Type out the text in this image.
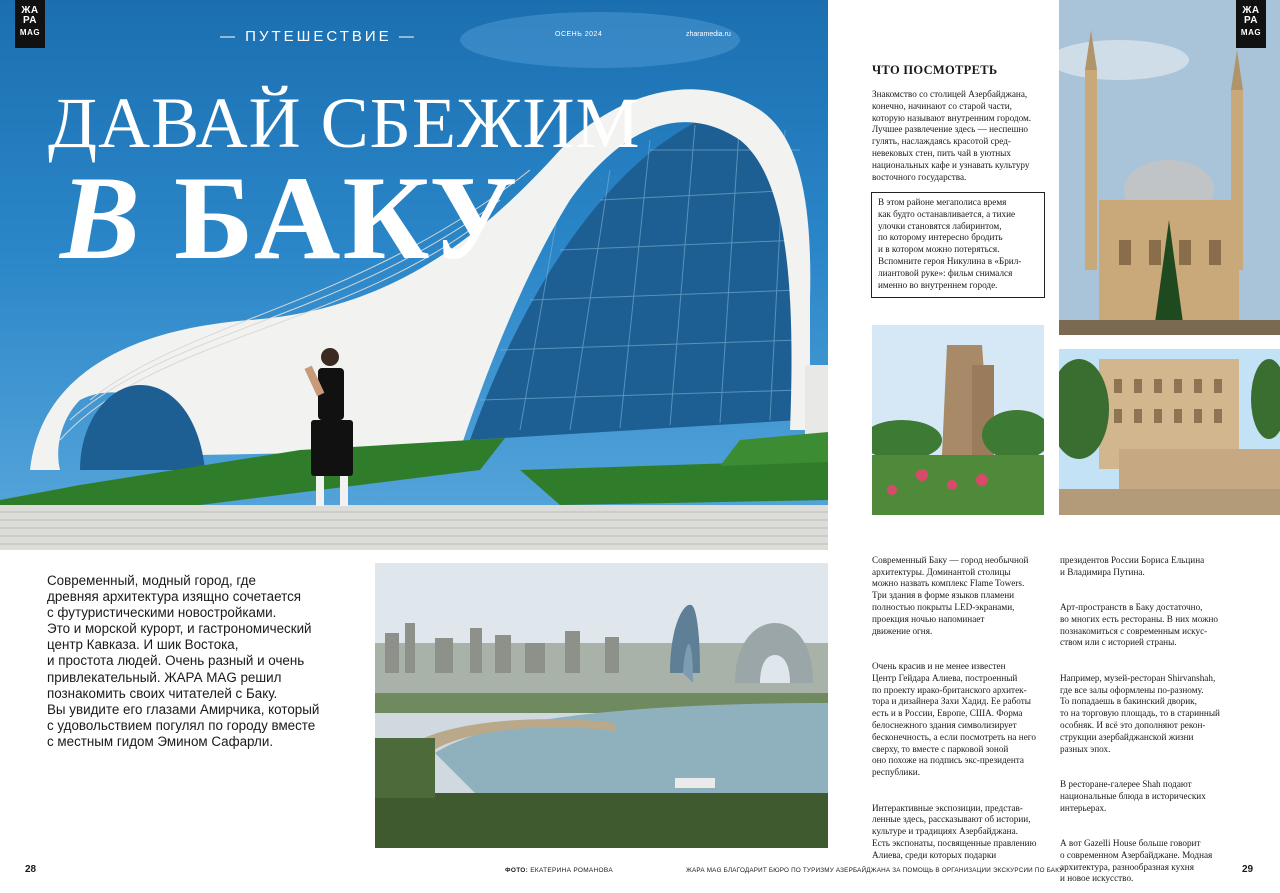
ЖА
РА
MAG	— ПУТЕШЕСТВИЕ —	ОСЕНЬ 2024	zharamedia.ru
ДАВАЙ СБЕЖИМ
В БАКУ
Современный, модный город, где
древняя архитектура изящно сочетается
с футуристическими новостройками.
Это и морской курорт, и гастрономический
центр Кавказа. И шик Востока,
и простота людей. Очень разный и очень
привлекательный. ЖАРА MAG решил
познакомить своих читателей с Баку.
Вы увидите его глазами Амирчика, который
с удовольствием погулял по городу вместе
с местным гидом Эмином Сафарли.
ЧТО ПОСМОТРЕТЬ
Знакомство со столицей Азербайджана,
конечно, начинают со старой части,
которую называют внутренним городом.
Лучшее развлечение здесь — неспешно
гулять, наслаждаясь красотой сред-
невековых стен, пить чай в уютных
национальных кафе и узнавать культуру
восточного государства.
В этом районе мегаполиса время
как будто останавливается, а тихие
улочки становятся лабиринтом,
по которому интересно бродить
и в котором можно потеряться.
Вспомните героя Никулина в «Брил-
лиантовой руке»: фильм снимался
именно во внутреннем городе.
ЖА
РА
MAG

Современный Баку — город необычной
архитектуры. Доминантой столицы
можно назвать комплекс Flame Towers.
Три здания в форме языков пламени
полностью покрыты LED-экранами,
проекция ночью напоминает
движение огня.

Очень красив и не менее известен
Центр Гейдара Алиева, построенный
по проекту ирако-британского архитек-
тора и дизайнера Захи Хадид. Ее работы
есть и в России, Европе, США. Форма
белоснежного здания символизирует
бесконечность, а если посмотреть на него
сверху, то вместе с парковой зоной
оно похоже на подпись экс-президента
республики.

Интерактивные экспозиции, представ-
ленные здесь, рассказывают об истории,
культуре и традициях Азербайджана.
Есть экспонаты, посвященные правлению
Алиева, среди которых подарки

президентов России Бориса Ельцина
и Владимира Путина.

Арт-пространств в Баку достаточно,
во многих есть рестораны. В них можно
познакомиться с современным искус-
ством или с историей страны.

Например, музей-ресторан Shirvanshah,
где все залы оформлены по-разному.
То попадаешь в бакинский дворик,
то на торговую площадь, то в старинный
особняк. И всё это дополняют рекон-
струкции азербайджанской жизни
разных эпох.

В ресторане-галерее Shah подают
национальные блюда в исторических
интерьерах.

А вот Gazelli House больше говорит
о современном Азербайджане. Модная
архитектура, разнообразная кухня
и новое искусство.

28	ФОТО: ЕКАТЕРИНА РОМАНОВА	ЖАРА MAG БЛАГОДАРИТ БЮРО ПО ТУРИЗМУ АЗЕРБАЙДЖАНА ЗА ПОМОЩЬ В ОРГАНИЗАЦИИ ЭКСКУРСИИ ПО БАКУ	29
